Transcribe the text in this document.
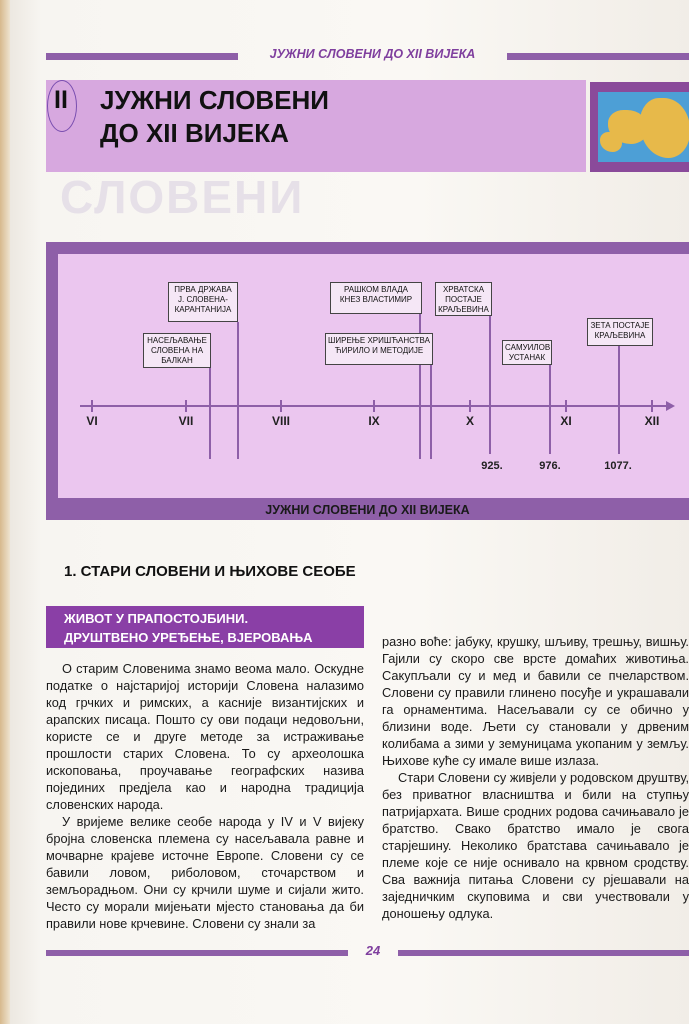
ЈУЖНИ СЛОВЕНИ ДО XII ВИЈЕКА
II ЈУЖНИ СЛОВЕНИ
ДО XII ВИЈЕКА
СЛОВЕНИ
VI	VII	VIII	IX	X	XI	XII
925.	976.	1077.
НАСЕЉАВАЊЕ СЛОВЕНА НА БАЛКАН
ПРВА ДРЖАВА Ј. СЛОВЕНА-КАРАНТАНИЈА
РАШКОМ ВЛАДА КНЕЗ ВЛАСТИМИР
ШИРЕЊЕ ХРИШЋАНСТВА ЋИРИЛО И МЕТОДИЈЕ
ХРВАТСКА ПОСТАЈЕ КРАЉЕВИНА
САМУИЛОВ УСТАНАК
ЗЕТА ПОСТАЈЕ КРАЉЕВИНА
ЈУЖНИ СЛОВЕНИ ДО XII ВИЈЕКА
1. СТАРИ СЛОВЕНИ И ЊИХОВЕ СЕОБЕ
ЖИВОТ У ПРАПОСТОЈБИНИ.
ДРУШТВЕНО УРЕЂЕЊЕ, ВЈЕРОВАЊА

О старим Словенима знамо веома мало. Оскудне податке о најстаријој историји Словена налазимо код грчких и римских, а касније византијских и арапских писаца. Пошто су ови подаци недовољни, користе се и друге методе за истраживање прошлости старих Словена. То су археолошка ископовања, проучавање географских назива појединих предјела као и народна традиција словенских народа.

У вријеме велике сеобе народа у IV и V вијеку бројна словенска племена су насељавала равне и мочварне крајеве источне Европе. Словени су се бавили ловом, риболовом, сточарством и земљорадњом. Они су крчили шуме и сијали жито. Често су морали мијењати мјесто становања да би правили нове крчевине. Словени су знали за

разно воће: јабуку, крушку, шљиву, трешњу, вишњу. Гајили су скоро све врсте домаћих животиња. Сакупљали су и мед и бавили се пчеларством. Словени су правили глинено посуђе и украшавали га орнаментима. Насељавали су се обично у близини воде. Љети су становали у дрвеним колибама а зими у земуницама укопаним у земљу. Њихове куће су имале више излаза.

Стари Словени су живјели у родовском друштву, без приватног власништва и били на ступњу патријархата. Више сродних родова сачињавало је братство. Свако братство имало је свога старјешину. Неколико братстава сачињавало је племе које се није оснивало на крвном сродству. Сва важнија питања Словени су рјешавали на заједничким скуповима и сви учествовали у доношењу одлука.

24
